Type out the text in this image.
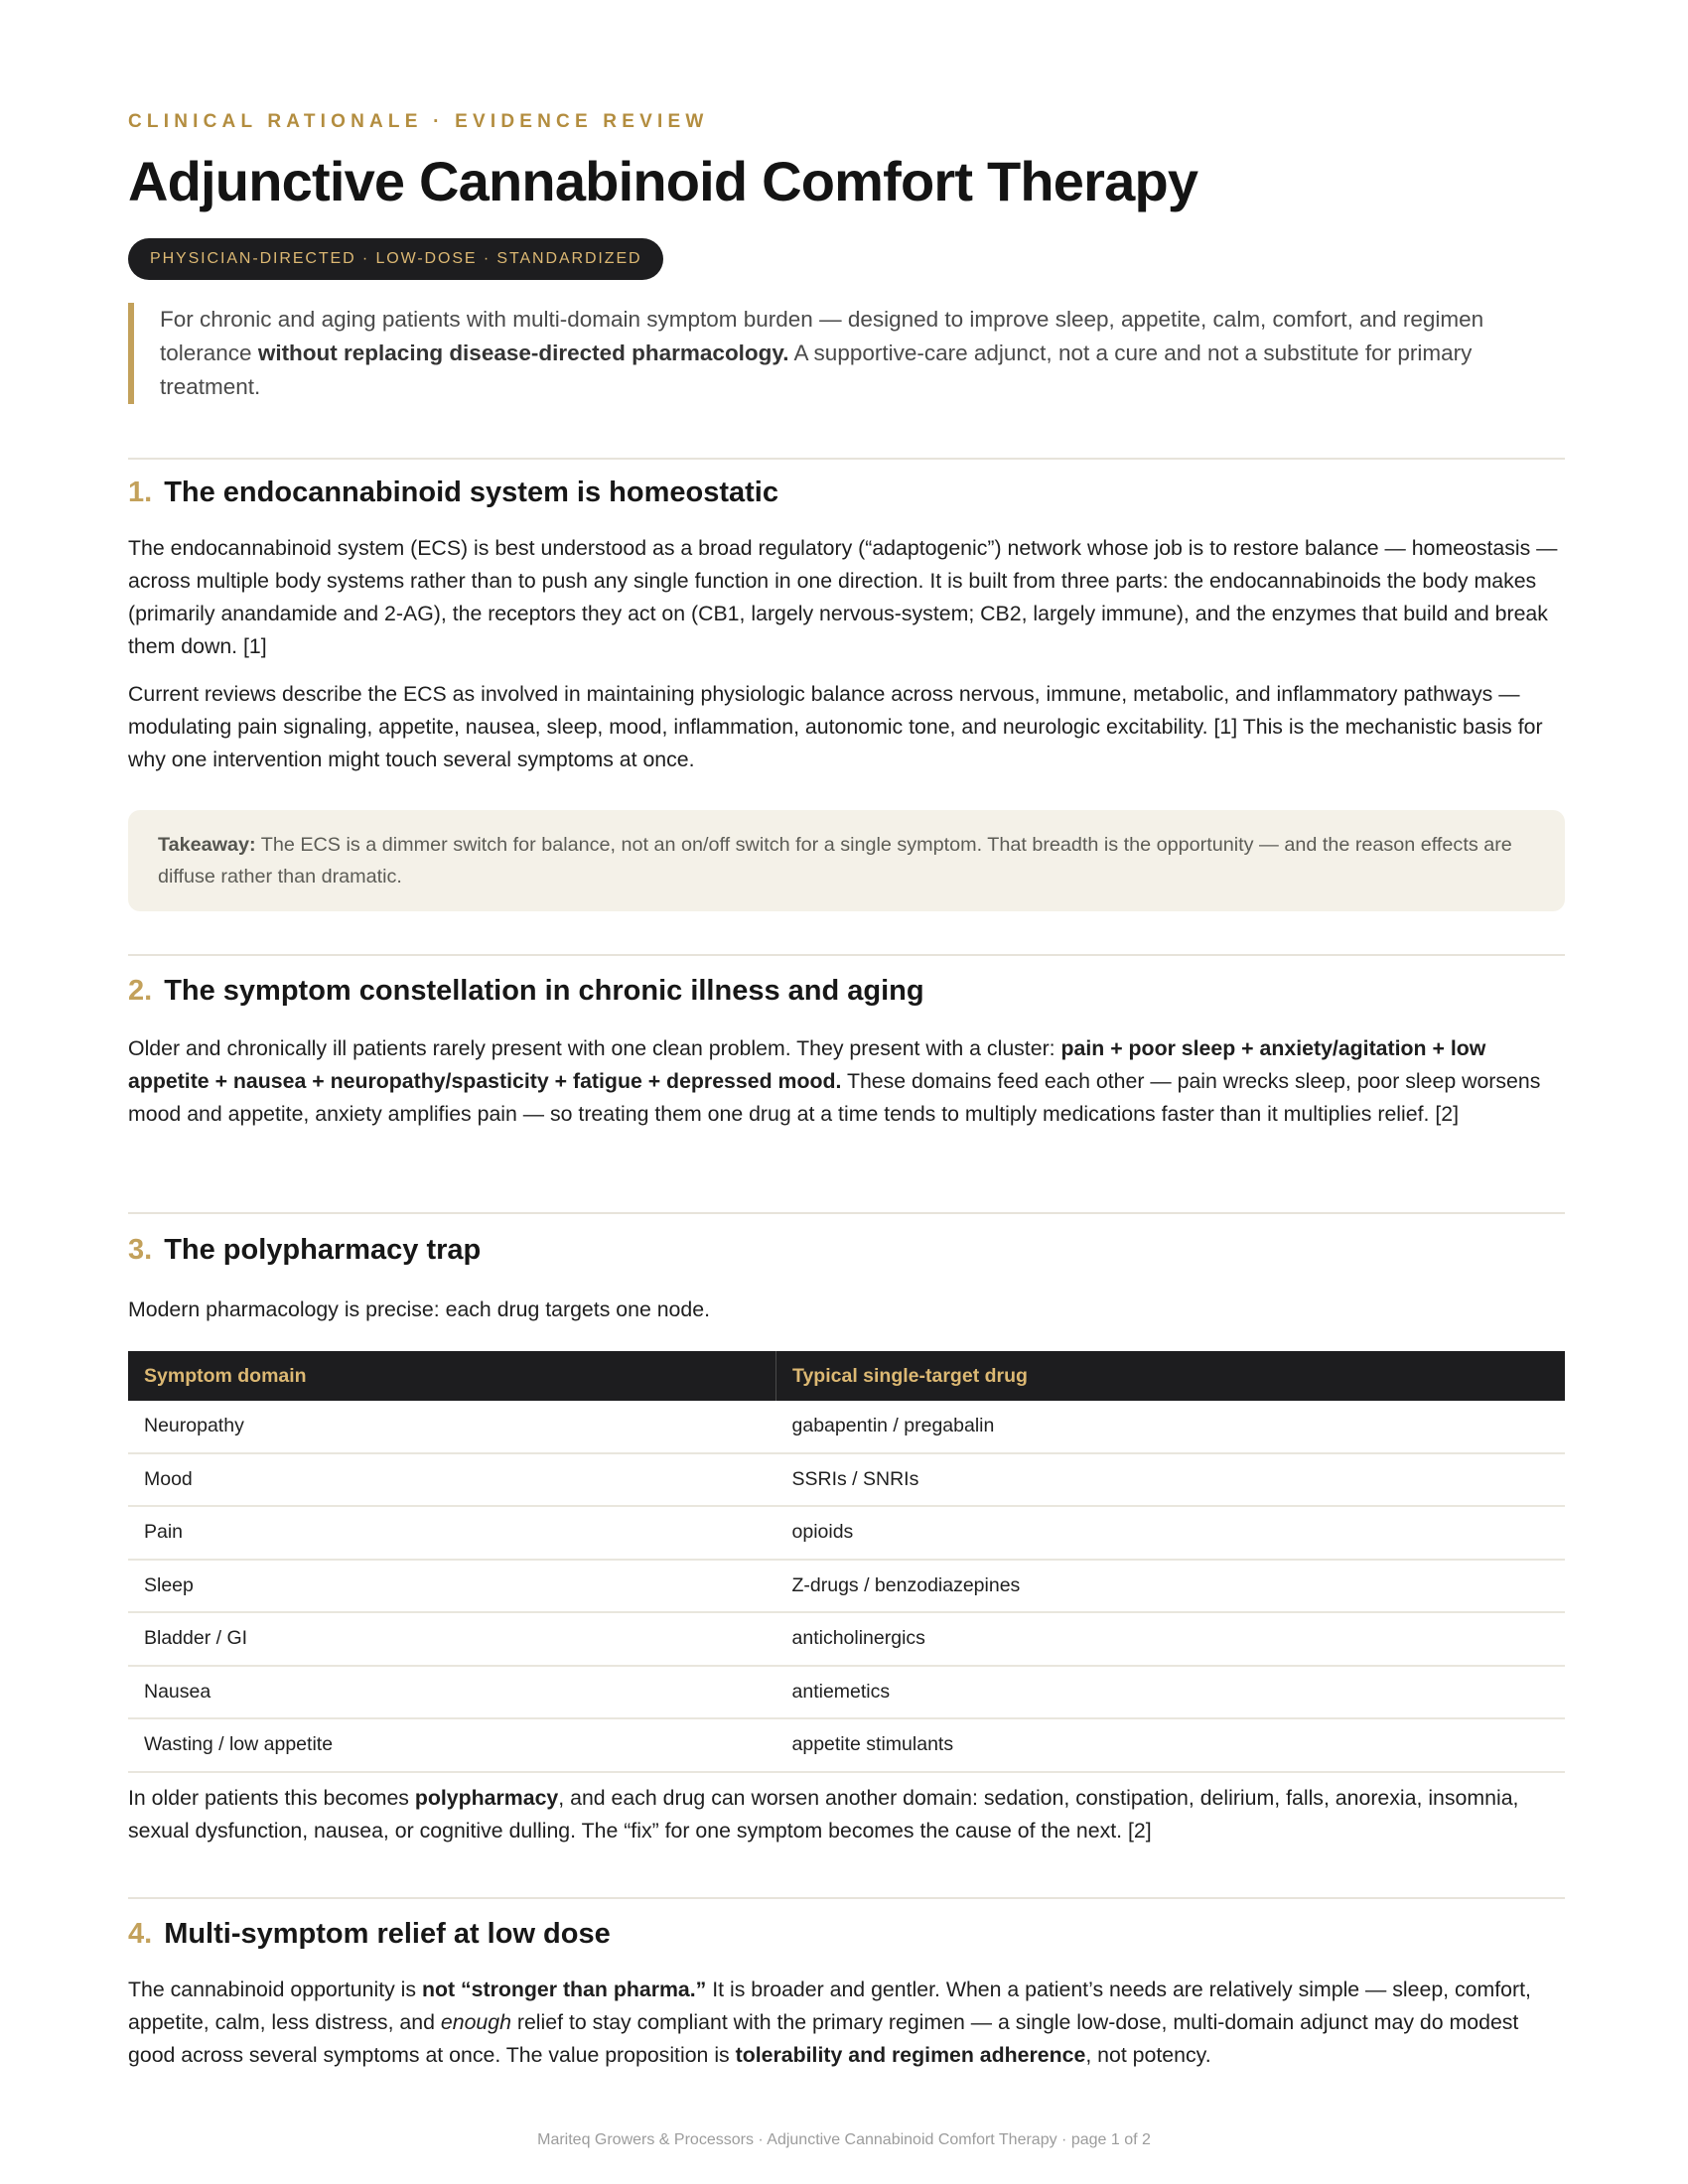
CLINICAL RATIONALE · EVIDENCE REVIEW
Adjunctive Cannabinoid Comfort Therapy
PHYSICIAN-DIRECTED · LOW-DOSE · STANDARDIZED
For chronic and aging patients with multi-domain symptom burden — designed to improve sleep, appetite, calm, comfort, and regimen tolerance without replacing disease-directed pharmacology. A supportive-care adjunct, not a cure and not a substitute for primary treatment.
1. The endocannabinoid system is homeostatic

The endocannabinoid system (ECS) is best understood as a broad regulatory (“adaptogenic”) network whose job is to restore balance — homeostasis — across multiple body systems rather than to push any single function in one direction. It is built from three parts: the endocannabinoids the body makes (primarily anandamide and 2-AG), the receptors they act on (CB1, largely nervous-system; CB2, largely immune), and the enzymes that build and break them down. [1]

Current reviews describe the ECS as involved in maintaining physiologic balance across nervous, immune, metabolic, and inflammatory pathways — modulating pain signaling, appetite, nausea, sleep, mood, inflammation, autonomic tone, and neurologic excitability. [1] This is the mechanistic basis for why one intervention might touch several symptoms at once.

Takeaway: The ECS is a dimmer switch for balance, not an on/off switch for a single symptom. That breadth is the opportunity — and the reason effects are diffuse rather than dramatic.
2. The symptom constellation in chronic illness and aging

Older and chronically ill patients rarely present with one clean problem. They present with a cluster: pain + poor sleep + anxiety/agitation + low appetite + nausea + neuropathy/spasticity + fatigue + depressed mood. These domains feed each other — pain wrecks sleep, poor sleep worsens mood and appetite, anxiety amplifies pain — so treating them one drug at a time tends to multiply medications faster than it multiplies relief. [2]

3. The polypharmacy trap

Modern pharmacology is precise: each drug targets one node.

Symptom domain	Typical single-target drug
Neuropathy	gabapentin / pregabalin
Mood	SSRIs / SNRIs
Pain	opioids
Sleep	Z-drugs / benzodiazepines
Bladder / GI	anticholinergics
Nausea	antiemetics
Wasting / low appetite	appetite stimulants

In older patients this becomes polypharmacy, and each drug can worsen another domain: sedation, constipation, delirium, falls, anorexia, insomnia, sexual dysfunction, nausea, or cognitive dulling. The “fix” for one symptom becomes the cause of the next. [2]

4. Multi-symptom relief at low dose

The cannabinoid opportunity is not “stronger than pharma.” It is broader and gentler. When a patient’s needs are relatively simple — sleep, comfort, appetite, calm, less distress, and enough relief to stay compliant with the primary regimen — a single low-dose, multi-domain adjunct may do modest good across several symptoms at once. The value proposition is tolerability and regimen adherence, not potency.

Mariteq Growers & Processors · Adjunctive Cannabinoid Comfort Therapy · page 1 of 2
